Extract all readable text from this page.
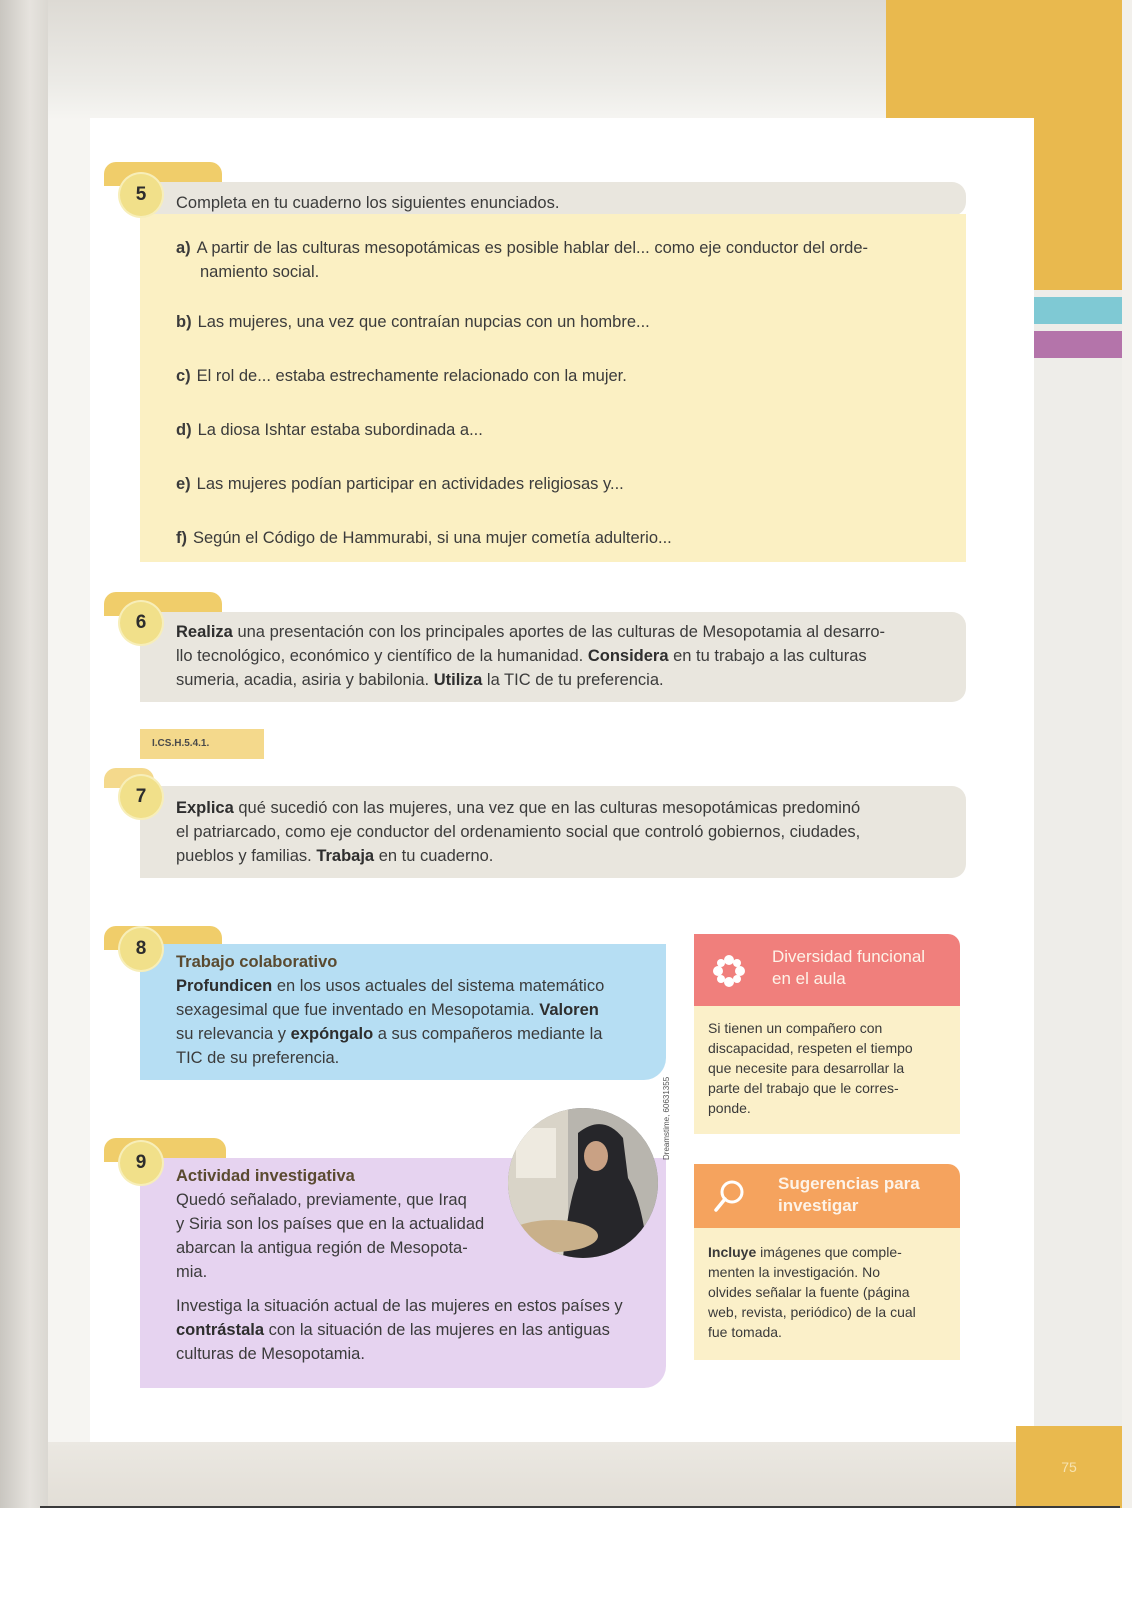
75
5	Completa en tu cuaderno los siguientes enunciados.
a) A partir de las culturas mesopotámicas es posible hablar del... como eje conductor del orde-
namiento social.
b) Las mujeres, una vez que contraían nupcias con un hombre...
c) El rol de... estaba estrechamente relacionado con la mujer.
d) La diosa Ishtar estaba subordinada a...
e) Las mujeres podían participar en actividades religiosas y...
f) Según el Código de Hammurabi, si una mujer cometía adulterio...
6	Realiza una presentación con los principales aportes de las culturas de Mesopotamia al desarro-
llo tecnológico, económico y científico de la humanidad. Considera en tu trabajo a las culturas
sumeria, acadia, asiria y babilonia. Utiliza la TIC de tu preferencia.
I.CS.H.5.4.1.
7
Explica qué sucedió con las mujeres, una vez que en las culturas mesopotámicas predominó
el patriarcado, como eje conductor del ordenamiento social que controló gobiernos, ciudades,
pueblos y familias. Trabaja en tu cuaderno.
8
Trabajo colaborativo
Profundicen en los usos actuales del sistema matemático
sexagesimal que fue inventado en Mesopotamia. Valoren
su relevancia y expóngalo a sus compañeros mediante la
TIC de su preferencia.
9
Actividad investigativa
Quedó señalado, previamente, que Iraq
y Siria son los países que en la actualidad
abarcan la antigua región de Mesopota-
mia.
Investiga la situación actual de las mujeres en estos países y
contrástala con la situación de las mujeres en las antiguas
culturas de Mesopotamia.
Dreamstime, 60631355
Diversidad funcional
en el aula
Si tienen un compañero con
discapacidad, respeten el tiempo
que necesite para desarrollar la
parte del trabajo que le corres-
ponde.
Sugerencias para
investigar
Incluye imágenes que comple-
menten la investigación. No
olvides señalar la fuente (página
web, revista, periódico) de la cual
fue tomada.
